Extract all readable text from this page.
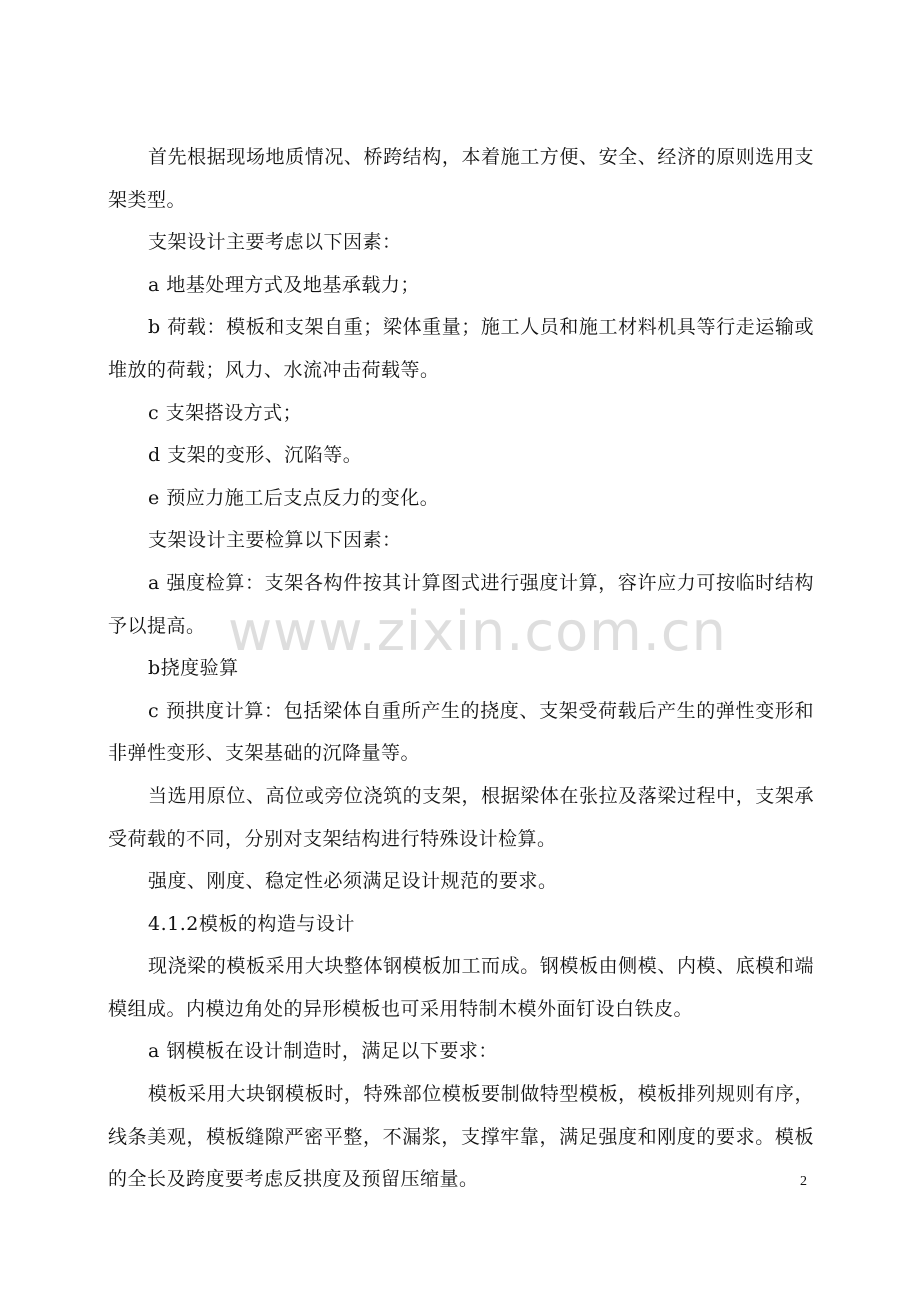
首先根据现场地质情况、桥跨结构，本着施工方便、安全、经济的原则选用支架类型。

支架设计主要考虑以下因素：

a 地基处理方式及地基承载力；

b 荷载：模板和支架自重；梁体重量；施工人员和施工材料机具等行走运输或堆放的荷载；风力、水流冲击荷载等。

c 支架搭设方式；

d 支架的变形、沉陷等。

e 预应力施工后支点反力的变化。

支架设计主要检算以下因素：

a 强度检算：支架各构件按其计算图式进行强度计算，容许应力可按临时结构予以提高。

b挠度验算

c 预拱度计算：包括梁体自重所产生的挠度、支架受荷载后产生的弹性变形和非弹性变形、支架基础的沉降量等。

当选用原位、高位或旁位浇筑的支架，根据梁体在张拉及落梁过程中，支架承受荷载的不同，分别对支架结构进行特殊设计检算。

强度、刚度、稳定性必须满足设计规范的要求。

4.1.2模板的构造与设计

现浇梁的模板采用大块整体钢模板加工而成。钢模板由侧模、内模、底模和端模组成。内模边角处的异形模板也可采用特制木模外面钉设白铁皮。

a 钢模板在设计制造时，满足以下要求：

模板采用大块钢模板时，特殊部位模板要制做特型模板，模板排列规则有序，线条美观，模板缝隙严密平整，不漏浆，支撑牢靠，满足强度和刚度的要求。模板的全长及跨度要考虑反拱度及预留压缩量。

www.zixin.com.cn
2
